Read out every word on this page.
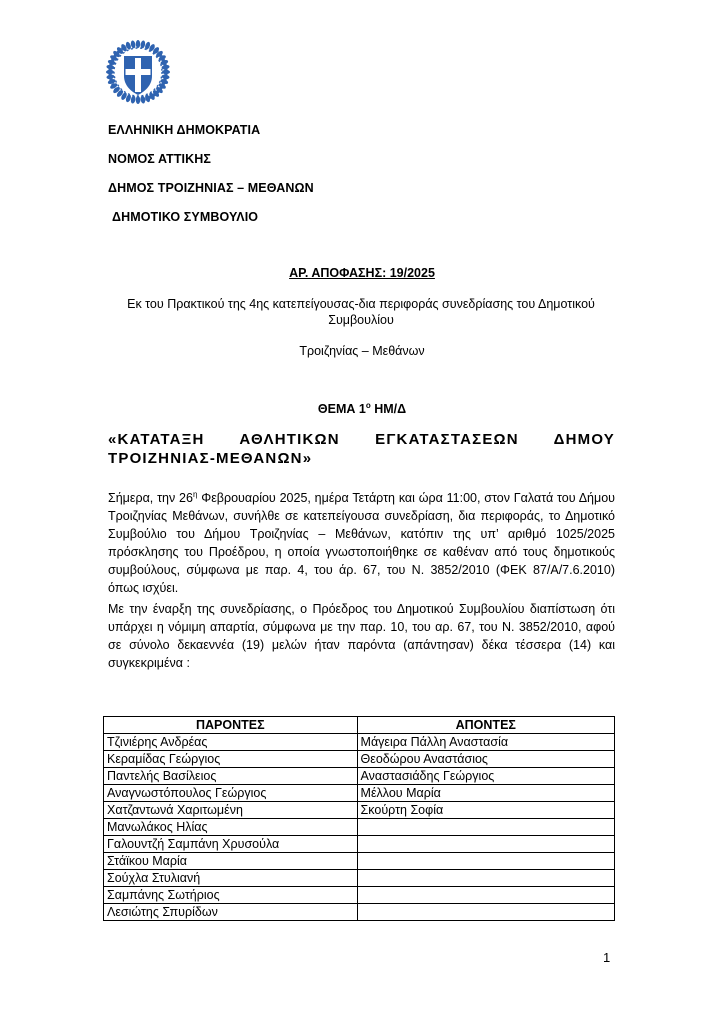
ΕΛΛΗΝΙΚΗ ΔΗΜΟΚΡΑΤΙΑ
ΝΟΜΟΣ ΑΤΤΙΚΗΣ
ΔΗΜΟΣ ΤΡΟΙΖΗΝΙΑΣ – ΜΕΘΑΝΩΝ
ΔΗΜΟΤΙΚΟ ΣΥΜΒΟΥΛΙΟ
ΑΡ. ΑΠΟΦΑΣΗΣ: 19/2025
Εκ του Πρακτικού της 4ης κατεπείγουσας-δια περιφοράς συνεδρίασης του Δημοτικού Συμβουλίου
Τροιζηνίας – Μεθάνων
ΘΕΜΑ $1^o$ ΗΜ/Δ
«ΚΑΤΑΤΑΞΗ ΑΘΛΗΤΙΚΩΝ ΕΓΚΑΤΑΣΤΑΣΕΩΝ ΔΗΜΟΥ ΤΡΟΙΖΗΝΙΑΣ-ΜΕΘΑΝΩΝ»
Σήμερα, την $26^\eta$ Φεβρουαρίου 2025, ημέρα Τετάρτη και ώρα 11:00, στον Γαλατά του Δήμου Τροιζηνίας Μεθάνων, συνήλθε σε κατεπείγουσα συνεδρίαση, δια περιφοράς, το Δημοτικό Συμβούλιο του Δήμου Τροιζηνίας – Μεθάνων, κατόπιν της υπ’ αριθμό 1025/2025 πρόσκλησης του Προέδρου, η οποία γνωστοποιήθηκε σε καθέναν από τους δημοτικούς συμβούλους, σύμφωνα με παρ. 4, του άρ. 67, του Ν. 3852/2010 (ΦΕΚ 87/Α/7.6.2010) όπως ισχύει.
Με την έναρξη της συνεδρίασης, ο Πρόεδρος του Δημοτικού Συμβουλίου διαπίστωση ότι υπάρχει η νόμιμη απαρτία, σύμφωνα με την παρ. 10, του αρ. 67, του Ν. 3852/2010, αφού σε σύνολο δεκαεννέα (19) μελών ήταν παρόντα (απάντησαν) δέκα τέσσερα (14) και συγκεκριμένα :
ΠΑΡΟΝΤΕΣ	ΑΠΟΝΤΕΣ
Τζινιέρης Ανδρέας	Μάγειρα Πάλλη Αναστασία
Κεραμίδας Γεώργιος	Θεοδώρου Αναστάσιος
Παντελής Βασίλειος	Αναστασιάδης Γεώργιος
Αναγνωστόπουλος Γεώργιος	Μέλλου Μαρία
Χατζαντωνά Χαριτωμένη	Σκούρτη Σοφία
Μανωλάκος Ηλίας	
Γαλουντζή Σαμπάνη Χρυσούλα	
Στάϊκου Μαρία	
Σούχλα Στυλιανή	
Σαμπάνης Σωτήριος	
Λεσιώτης Σπυρίδων	
1
